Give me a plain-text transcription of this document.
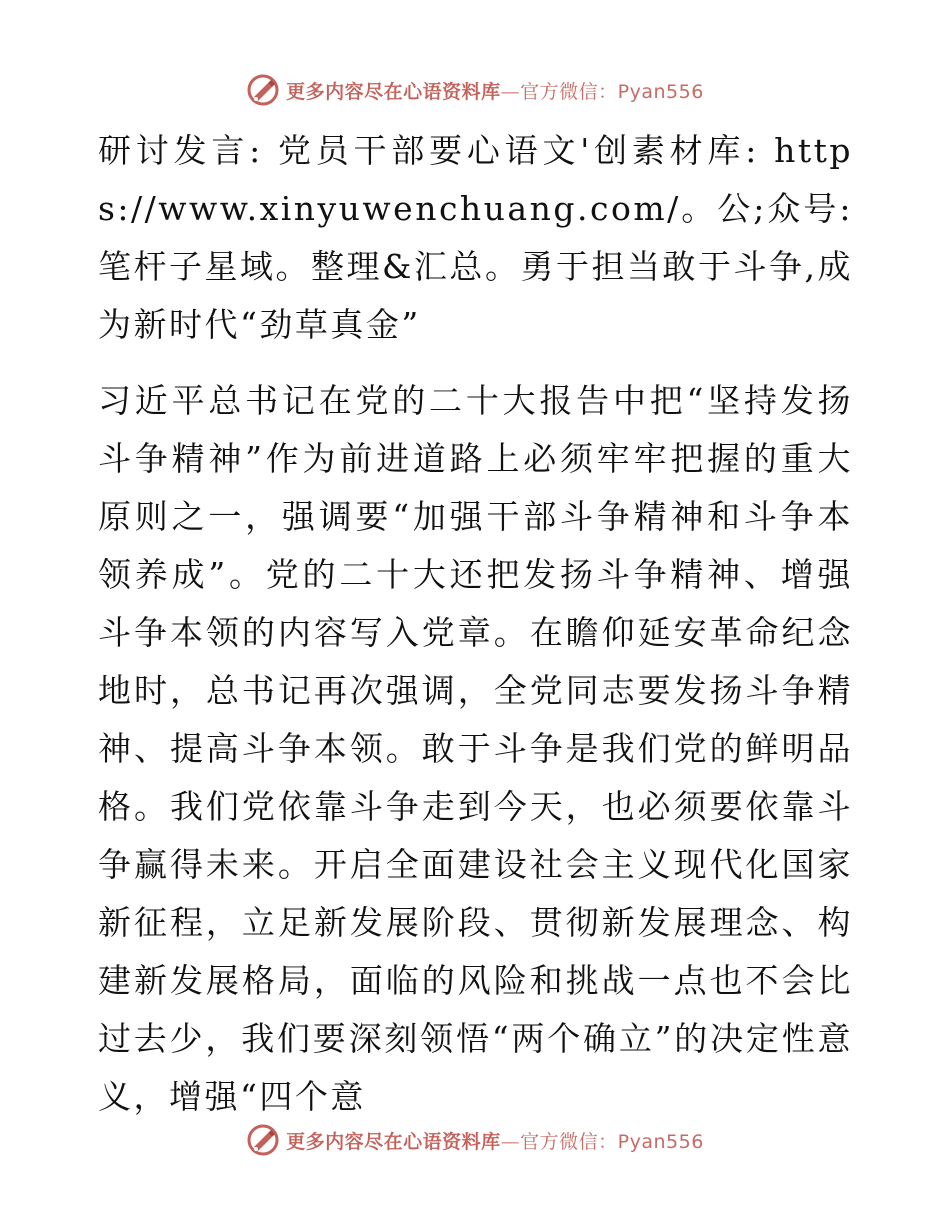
更多内容尽在心语资料库—官方微信：Pyan556

研讨发言: 党员干部要心语文'创素材库: https://www.xinyuwenchuang.com/。公;众号: 笔杆子星域。整理&汇总。勇于担当敢于斗争,成为新时代“劲草真金”

习近平总书记在党的二十大报告中把“坚持发扬斗争精神”作为前进道路上必须牢牢把握的重大原则之一，强调要“加强干部斗争精神和斗争本领养成”。党的二十大还把发扬斗争精神、增强斗争本领的内容写入党章。在瞻仰延安革命纪念地时，总书记再次强调，全党同志要发扬斗争精神、提高斗争本领。敢于斗争是我们党的鲜明品格。我们党依靠斗争走到今天，也必须要依靠斗争赢得未来。开启全面建设社会主义现代化国家新征程，立足新发展阶段、贯彻新发展理念、构建新发展格局，面临的风险和挑战一点也不会比过去少，我们要深刻领悟“两个确立”的决定性意义，增强“四个意

更多内容尽在心语资料库—官方微信：Pyan556
